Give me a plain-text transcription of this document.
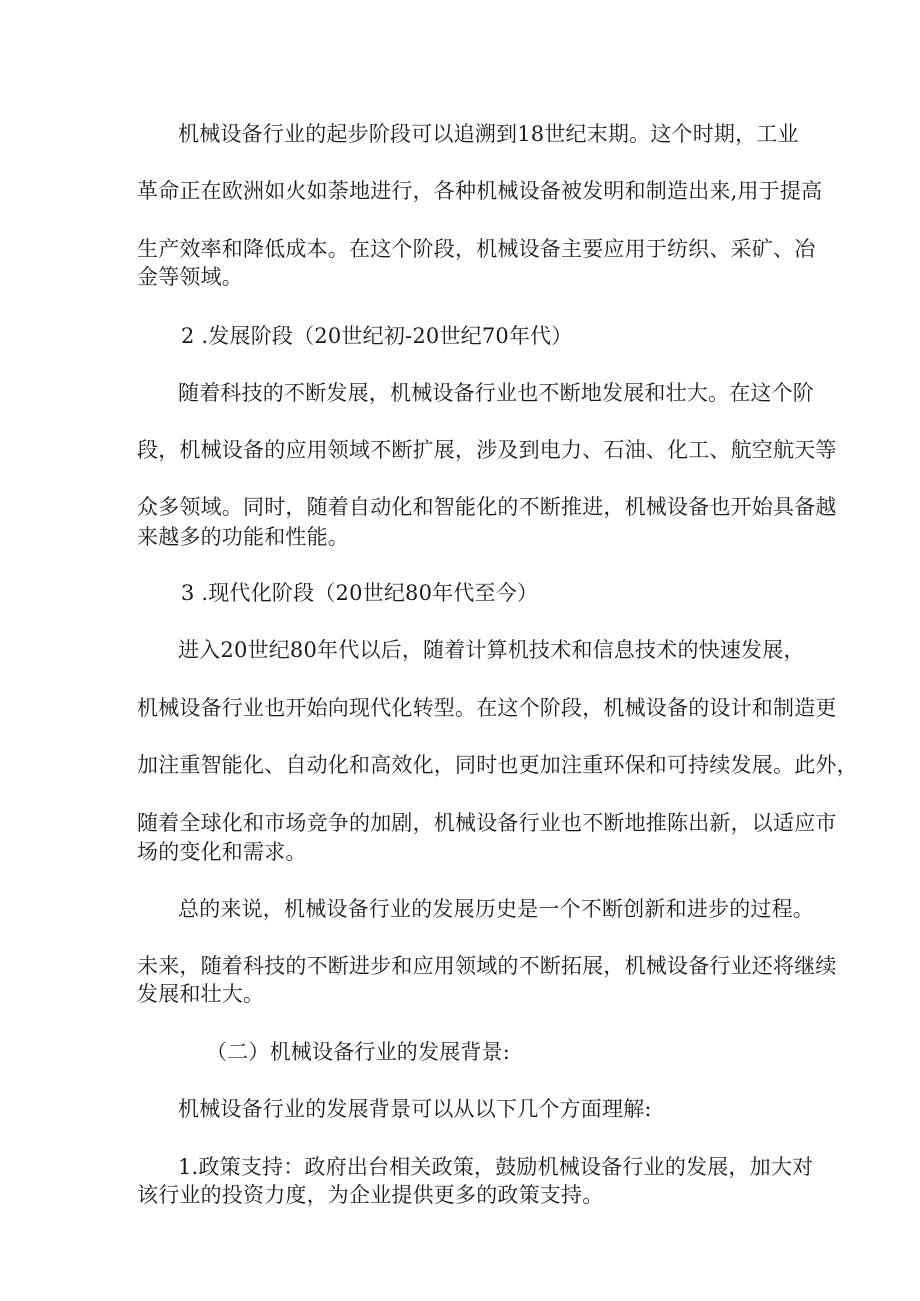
机械设备行业的起步阶段可以追溯到18世纪末期。这个时期，工业

革命正在欧洲如火如荼地进行，各种机械设备被发明和制造出来,用于提高

生产效率和降低成本。在这个阶段，机械设备主要应用于纺织、采矿、冶

金等领域。

2 .发展阶段（20世纪初-20世纪70年代）

随着科技的不断发展，机械设备行业也不断地发展和壮大。在这个阶

段，机械设备的应用领域不断扩展，涉及到电力、石油、化工、航空航天等

众多领域。同时，随着自动化和智能化的不断推进，机械设备也开始具备越

来越多的功能和性能。

3 .现代化阶段（20世纪80年代至今）

进入20世纪80年代以后，随着计算机技术和信息技术的快速发展，

机械设备行业也开始向现代化转型。在这个阶段，机械设备的设计和制造更

加注重智能化、自动化和高效化，同时也更加注重环保和可持续发展。此外，

随着全球化和市场竞争的加剧，机械设备行业也不断地推陈出新，以适应市

场的变化和需求。

总的来说，机械设备行业的发展历史是一个不断创新和进步的过程。

未来，随着科技的不断进步和应用领域的不断拓展，机械设备行业还将继续

发展和壮大。

（二）机械设备行业的发展背景:

机械设备行业的发展背景可以从以下几个方面理解:

1.政策支持：政府出台相关政策，鼓励机械设备行业的发展，加大对

该行业的投资力度，为企业提供更多的政策支持。
